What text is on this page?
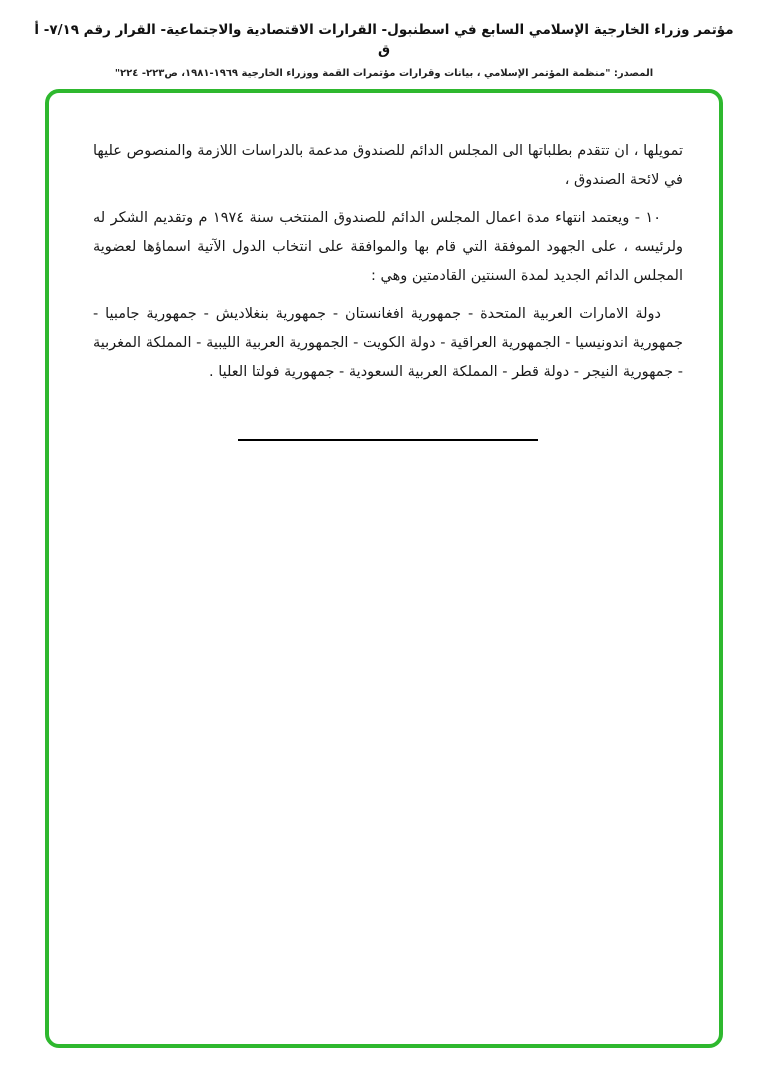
مؤتمر وزراء الخارجية الإسلامي السابع في اسطنبول- القرارات الاقتصادية والاجتماعية- القرار رقم ٧/١٩- أ ق
المصدر: "منظمة المؤتمر الإسلامي ، بيانات وقرارات مؤتمرات القمة ووزراء الخارجية ١٩٦٩-١٩٨١، ص٢٢٣- ٢٢٤"

تمويلها ، ان تتقدم بطلباتها الى المجلس الدائم للصندوق مدعمة بالدراسات اللازمة والمنصوص عليها في لائحة الصندوق ،

١٠ - ويعتمد انتهاء مدة اعمال المجلس الدائم للصندوق المنتخب سنة ١٩٧٤ م وتقديم الشكر له ولرئيسه ، على الجهود الموفقة التي قام بها والموافقة على انتخاب الدول الآتية اسماؤها لعضوية المجلس الدائم الجديد لمدة السنتين القادمتين وهي :

دولة الامارات العربية المتحدة - جمهورية افغانستان - جمهورية بنغلاديش - جمهورية جامبيا - جمهورية اندونيسيا - الجمهورية العراقية - دولة الكويت - الجمهورية العربية الليبية - المملكة المغربية - جمهورية النيجر - دولة قطر - المملكة العربية السعودية - جمهورية فولتا العليا .
